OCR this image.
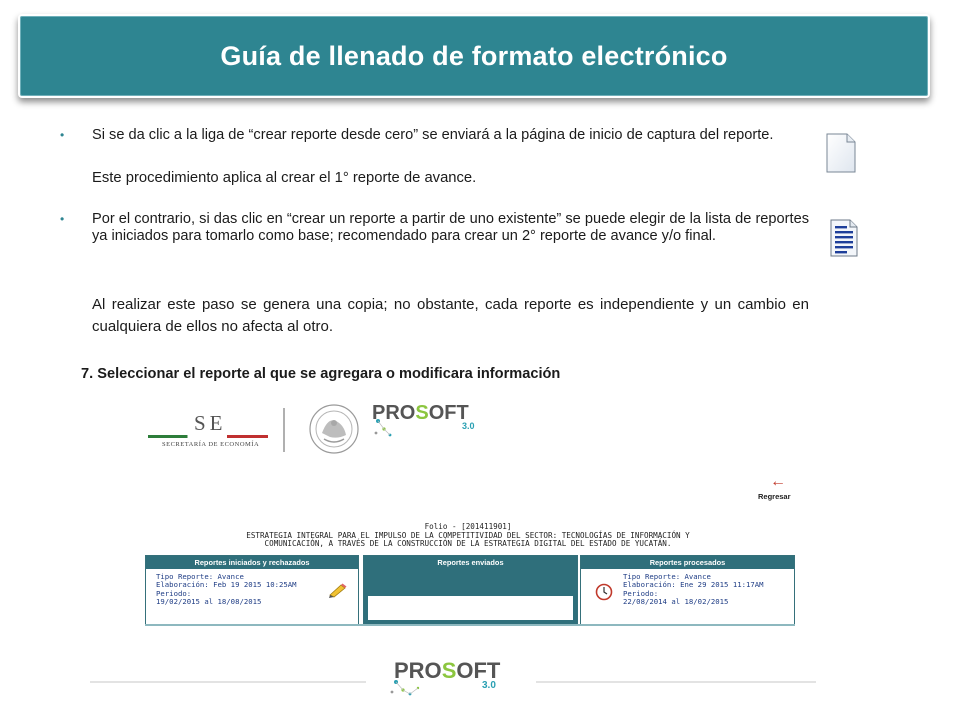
Guía de llenado de formato electrónico
• Si se da clic a la liga de “crear reporte desde cero” se enviará a la página de inicio de captura del reporte.
Este procedimiento aplica al crear el 1° reporte de avance.
• Por el contrario, si das clic en “crear un reporte a partir de uno existente” se puede elegir de la lista de reportes ya iniciados para tomarlo como base; recomendado para crear un 2° reporte de avance y/o final.
Al realizar este paso se genera una copia; no obstante, cada reporte es independiente y un cambio en cualquiera de ellos no afecta al otro.
7. Seleccionar el reporte al que se agregara o modificara información
SE
SECRETARÍA DE ECONOMÍA
PROSOFT
3.0
←
Regresar
Folio - [201411901]
ESTRATEGIA INTEGRAL PARA EL IMPULSO DE LA COMPETITIVIDAD DEL SECTOR: TECNOLOGÍAS DE INFORMACIÓN Y
COMUNICACIÓN, A TRAVÉS DE LA CONSTRUCCIÓN DE LA ESTRATEGIA DIGITAL DEL ESTADO DE YUCATÁN.
Reportes iniciados y rechazados
Tipo Reporte: Avance
Elaboración: Feb 19 2015 10:25AM
Periodo:
19/02/2015 al 18/08/2015
Reportes enviados	Reportes procesados
Tipo Reporte: Avance
Elaboración: Ene 29 2015 11:17AM
Periodo:
22/08/2014 al 18/02/2015
PROSOFT
3.0
